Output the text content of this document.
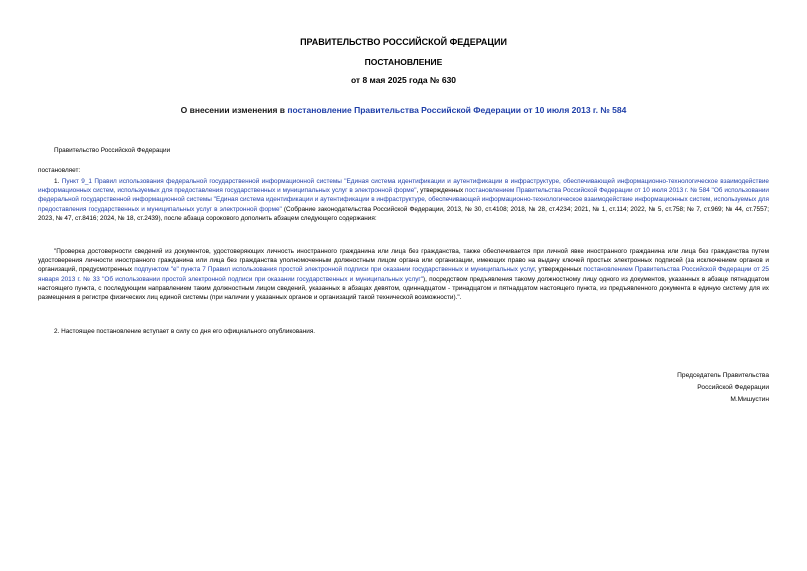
ПРАВИТЕЛЬСТВО РОССИЙСКОЙ ФЕДЕРАЦИИ
ПОСТАНОВЛЕНИЕ
от 8 мая 2025 года № 630
О внесении изменения в постановление Правительства Российской Федерации от 10 июля 2013 г. № 584
Правительство Российской Федерации
постановляет:
1. Пункт 9_1 Правил использования федеральной государственной информационной системы "Единая система идентификации и аутентификации в инфраструктуре, обеспечивающей информационно-технологическое взаимодействие информационных систем, используемых для предоставления государственных и муниципальных услуг в электронной форме", утвержденных постановлением Правительства Российской Федерации от 10 июля 2013 г. № 584 "Об использовании федеральной государственной информационной системы "Единая система идентификации и аутентификации в инфраструктуре, обеспечивающей информационно-технологическое взаимодействие информационных систем, используемых для предоставления государственных и муниципальных услуг в электронной форме" (Собрание законодательства Российской Федерации, 2013, № 30, ст.4108; 2018, № 28, ст.4234; 2021, № 1, ст.114; 2022, № 5, ст.758; № 7, ст.969; № 44, ст.7557; 2023, № 47, ст.8416; 2024, № 18, ст.2439), после абзаца сорокового дополнить абзацем следующего содержания:
"Проверка достоверности сведений из документов, удостоверяющих личность иностранного гражданина или лица без гражданства, также обеспечивается при личной явке иностранного гражданина или лица без гражданства путем удостоверения личности иностранного гражданина или лица без гражданства уполномоченным должностным лицом органа или организации, имеющих право на выдачу ключей простых электронных подписей (за исключением органов и организаций, предусмотренных подпунктом "е" пункта 7 Правил использования простой электронной подписи при оказании государственных и муниципальных услуг, утвержденных постановлением Правительства Российской Федерации от 25 января 2013 г. № 33 "Об использовании простой электронной подписи при оказании государственных и муниципальных услуг"), посредством предъявления такому должностному лицу одного из документов, указанных в абзаце пятнадцатом настоящего пункта, с последующим направлением таким должностным лицом сведений, указанных в абзацах девятом, одиннадцатом - тринадцатом и пятнадцатом настоящего пункта, из предъявленного документа в единую систему для их размещения в регистре физических лиц единой системы (при наличии у указанных органов и организаций такой технической возможности).".
2. Настоящее постановление вступает в силу со дня его официального опубликования.
Председатель Правительства
Российской Федерации
М.Мишустин
